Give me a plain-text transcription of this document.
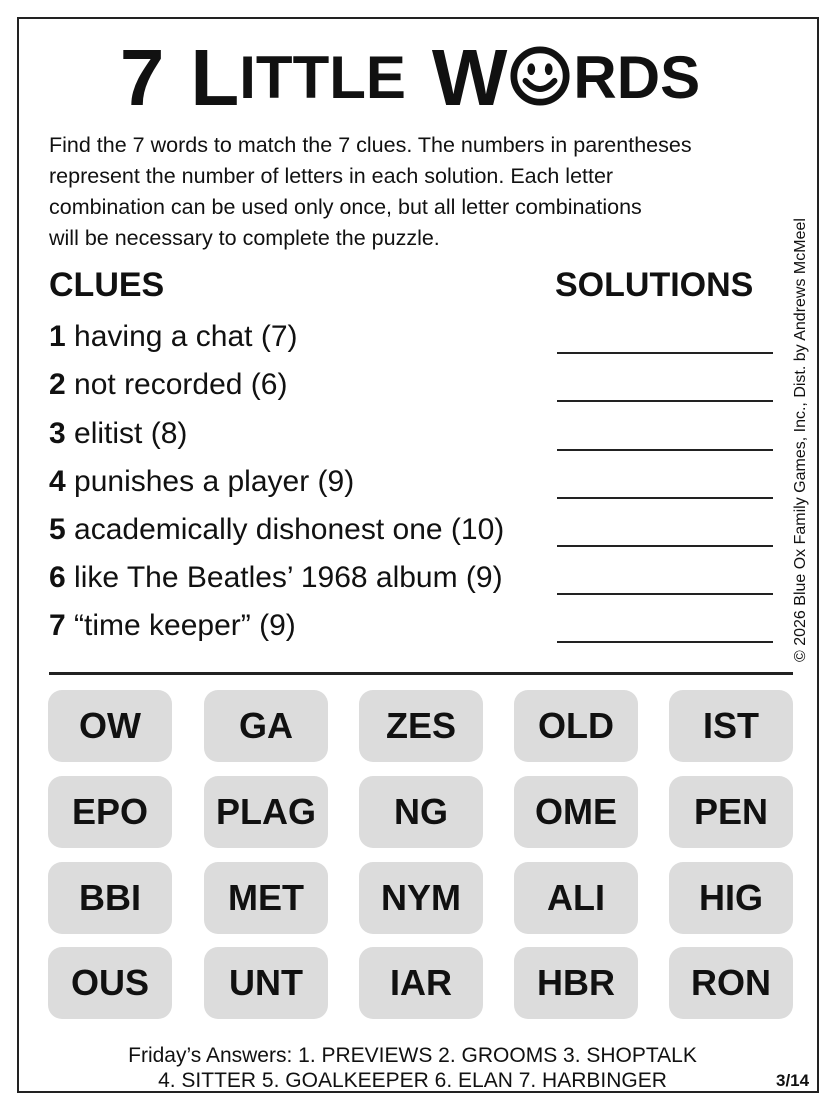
7 L ITTLE W RDS
Find the 7 words to match the 7 clues. The numbers in parentheses
represent the number of letters in each solution. Each letter
combination can be used only once, but all letter combinations
will be necessary to complete the puzzle.
CLUES	SOLUTIONS
1 having a chat (7)
2 not recorded (6)
3 elitist (8)
4 punishes a player (9)
5 academically dishonest one (10)
6 like The Beatles’ 1968 album (9)
7 “time keeper” (9)	© 2026 Blue Ox Family Games, Inc., Dist. by Andrews McMeel
OW	GA	ZES	OLD	IST
EPO	PLAG	NG	OME	PEN
BBI	MET	NYM	ALI	HIG
OUS	UNT	IAR	HBR	RON
Friday’s Answers: 1. PREVIEWS 2. GROOMS 3. SHOPTALK
4. SITTER 5. GOALKEEPER 6. ELAN 7. HARBINGER	3/14
